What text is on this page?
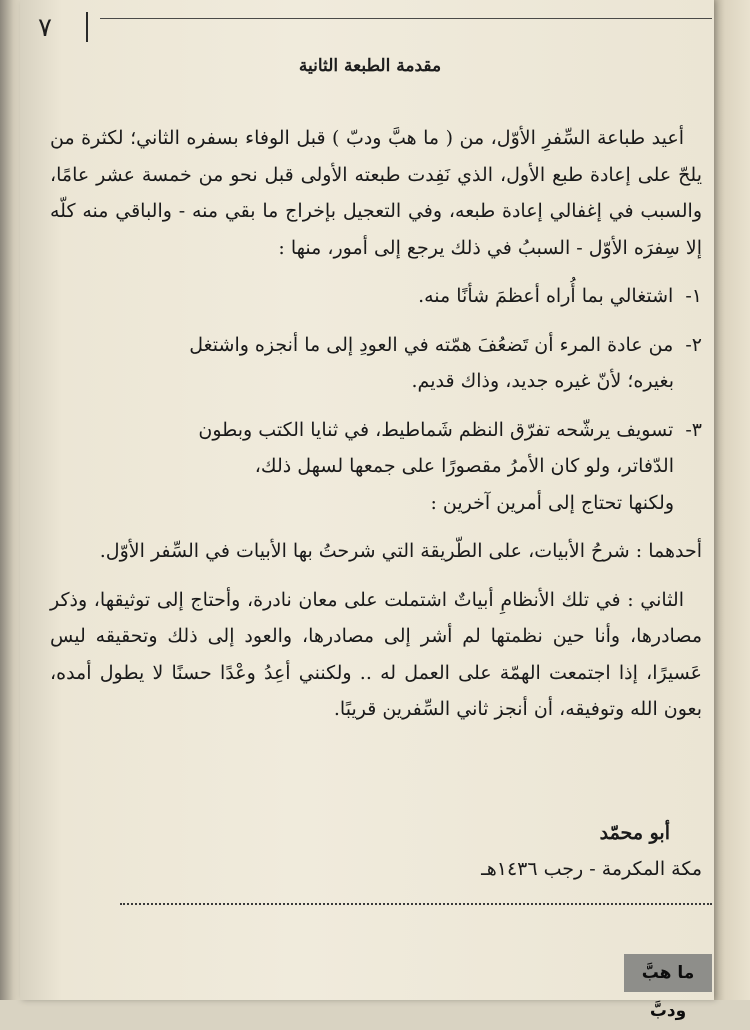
٧
مقدمة الطبعة الثانية

أعيد طباعة السِّفرِ الأوّل، من ( ما هبَّ ودبّ ) قبل الوفاء بسفره الثاني؛ لكثرة من يلحّ على إعادة طبع الأول، الذي نَفِدت طبعته الأولى قبل نحو من خمسة عشر عامًا، والسبب في إغفالي إعادة طبعه، وفي التعجيل بإخراج ما بقي منه - والباقي منه كلّه إلا سِفرَه الأوّل - السببُ في ذلك يرجع إلى أمور، منها :

١- اشتغالي بما أُراه أعظمَ شأنًا منه.

٢- من عادة المرء أن تَضعُفَ همّته في العودِ إلى ما أنجزه واشتغل

بغيره؛ لأنّ غيره جديد، وذاك قديم.

٣- تسويف يرشّحه تفرّق النظم شَماطيط، في ثنايا الكتب وبطون

الدّفاتر، ولو كان الأمرُ مقصورًا على جمعها لسهل ذلك،

ولكنها تحتاج إلى أمرين آخرين :

أحدهما : شرحُ الأبيات، على الطّريقة التي شرحتُ بها الأبيات في السِّفر الأوّل.

الثاني : في تلك الأنظامِ أبياتٌ اشتملت على معان نادرة، وأحتاج إلى توثيقها، وذكر مصادرها، وأنا حين نظمتها لم أشر إلى مصادرها، والعود إلى ذلك وتحقيقه ليس عَسيرًا، إذا اجتمعت الهمّة على العمل له .. ولكنني أعِدُ وعْدًا حسنًا لا يطول أمده، بعون الله وتوفيقه، أن أنجز ثاني السِّفرين قريبًا.

أبو محمّد
مكة المكرمة - رجب ١٤٣٦هـ
ما هبَّ ودبَّ
